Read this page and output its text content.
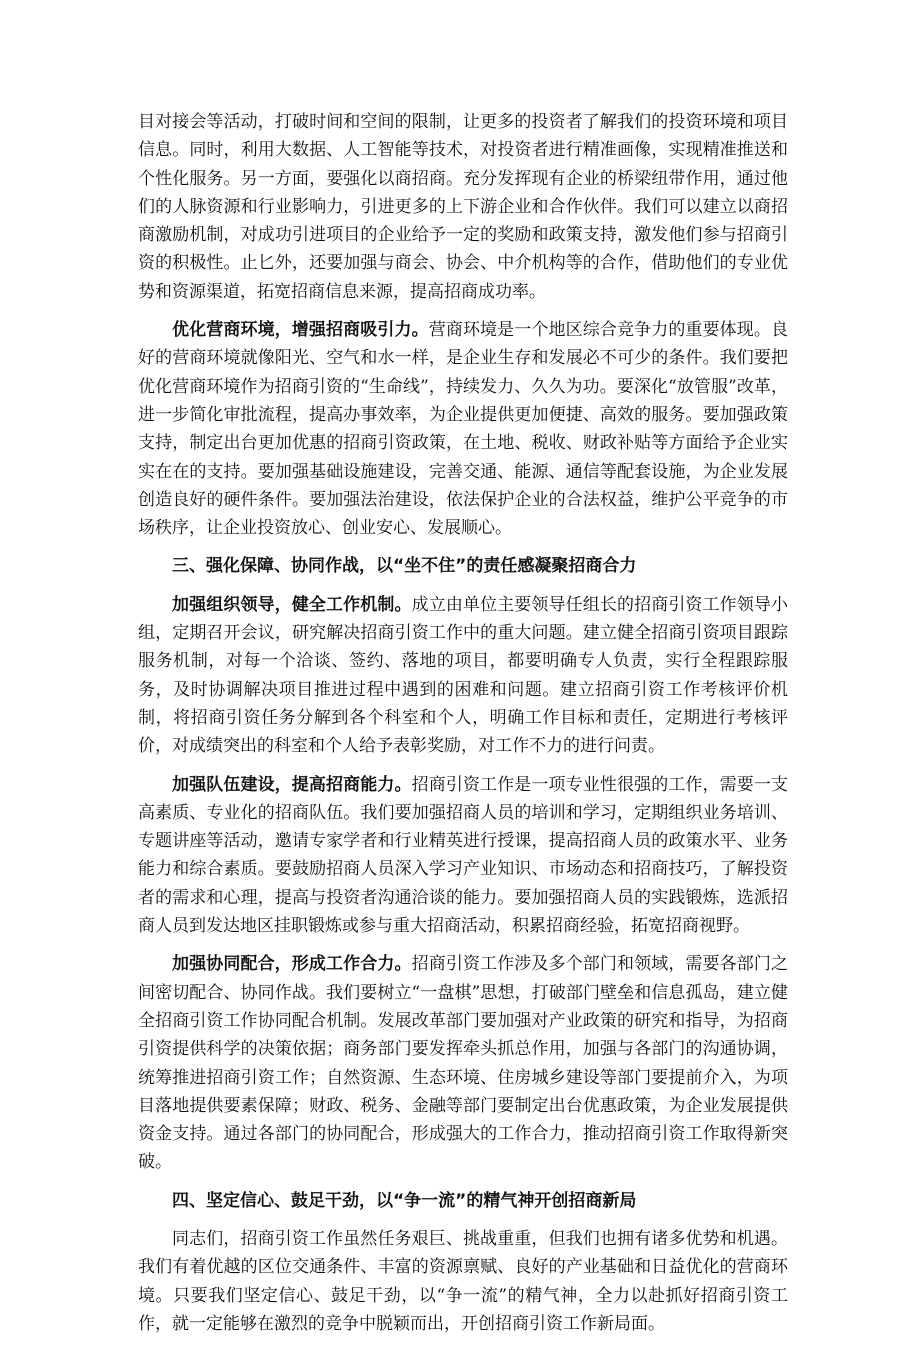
目对接会等活动，打破时间和空间的限制，让更多的投资者了解我们的投资环境和项目信息。同时，利用大数据、人工智能等技术，对投资者进行精准画像，实现精准推送和个性化服务。另一方面，要强化以商招商。充分发挥现有企业的桥梁纽带作用，通过他们的人脉资源和行业影响力，引进更多的上下游企业和合作伙伴。我们可以建立以商招商激励机制，对成功引进项目的企业给予一定的奖励和政策支持，激发他们参与招商引资的积极性。止匕外，还要加强与商会、协会、中介机构等的合作，借助他们的专业优势和资源渠道，拓宽招商信息来源，提高招商成功率。

优化营商环境，增强招商吸引力。营商环境是一个地区综合竞争力的重要体现。良好的营商环境就像阳光、空气和水一样，是企业生存和发展必不可少的条件。我们要把优化营商环境作为招商引资的“生命线”，持续发力、久久为功。要深化“放管服”改革，进一步简化审批流程，提高办事效率，为企业提供更加便捷、高效的服务。要加强政策支持，制定出台更加优惠的招商引资政策，在土地、税收、财政补贴等方面给予企业实实在在的支持。要加强基础设施建设，完善交通、能源、通信等配套设施，为企业发展创造良好的硬件条件。要加强法治建设，依法保护企业的合法权益，维护公平竞争的市场秩序，让企业投资放心、创业安心、发展顺心。

三、强化保障、协同作战，以“坐不住”的责任感凝聚招商合力

加强组织领导，健全工作机制。成立由单位主要领导任组长的招商引资工作领导小组，定期召开会议，研究解决招商引资工作中的重大问题。建立健全招商引资项目跟踪服务机制，对每一个洽谈、签约、落地的项目，都要明确专人负责，实行全程跟踪服务，及时协调解决项目推进过程中遇到的困难和问题。建立招商引资工作考核评价机制，将招商引资任务分解到各个科室和个人，明确工作目标和责任，定期进行考核评价，对成绩突出的科室和个人给予表彰奖励，对工作不力的进行问责。

加强队伍建设，提高招商能力。招商引资工作是一项专业性很强的工作，需要一支高素质、专业化的招商队伍。我们要加强招商人员的培训和学习，定期组织业务培训、专题讲座等活动，邀请专家学者和行业精英进行授课，提高招商人员的政策水平、业务能力和综合素质。要鼓励招商人员深入学习产业知识、市场动态和招商技巧，了解投资者的需求和心理，提高与投资者沟通洽谈的能力。要加强招商人员的实践锻炼，选派招商人员到发达地区挂职锻炼或参与重大招商活动，积累招商经验，拓宽招商视野。

加强协同配合，形成工作合力。招商引资工作涉及多个部门和领域，需要各部门之间密切配合、协同作战。我们要树立“一盘棋”思想，打破部门壁垒和信息孤岛，建立健全招商引资工作协同配合机制。发展改革部门要加强对产业政策的研究和指导，为招商引资提供科学的决策依据；商务部门要发挥牵头抓总作用，加强与各部门的沟通协调，统筹推进招商引资工作；自然资源、生态环境、住房城乡建设等部门要提前介入，为项目落地提供要素保障；财政、税务、金融等部门要制定出台优惠政策，为企业发展提供资金支持。通过各部门的协同配合，形成强大的工作合力，推动招商引资工作取得新突破。

四、坚定信心、鼓足干劲，以“争一流”的精气神开创招商新局

同志们，招商引资工作虽然任务艰巨、挑战重重，但我们也拥有诸多优势和机遇。我们有着优越的区位交通条件、丰富的资源禀赋、良好的产业基础和日益优化的营商环境。只要我们坚定信心、鼓足干劲，以“争一流”的精气神，全力以赴抓好招商引资工作，就一定能够在激烈的竞争中脱颖而出，开创招商引资工作新局面。
